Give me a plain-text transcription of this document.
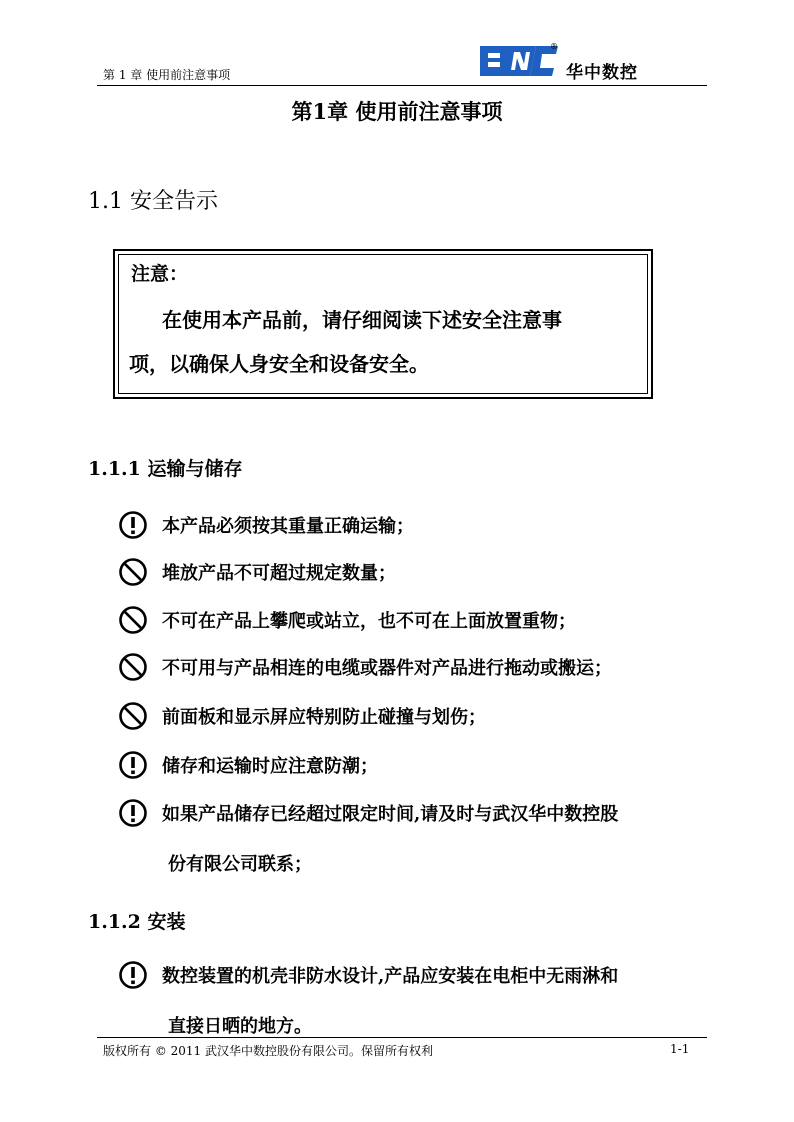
第 1 章 使用前注意事项
®
华中数控
第1章 使用前注意事项
1.1 安全告示
注意：
在使用本产品前，请仔细阅读下述安全注意事
项，以确保人身安全和设备安全。
1.1.1 运输与储存
本产品必须按其重量正确运输；
堆放产品不可超过规定数量；
不可在产品上攀爬或站立，也不可在上面放置重物；
不可用与产品相连的电缆或器件对产品进行拖动或搬运；
前面板和显示屏应特别防止碰撞与划伤；
储存和运输时应注意防潮；
如果产品储存已经超过限定时间,请及时与武汉华中数控股
份有限公司联系；
1.1.2 安装
数控装置的机壳非防水设计,产品应安装在电柜中无雨淋和
直接日晒的地方。
版权所有 © 2011 武汉华中数控股份有限公司。保留所有权利	1-1
